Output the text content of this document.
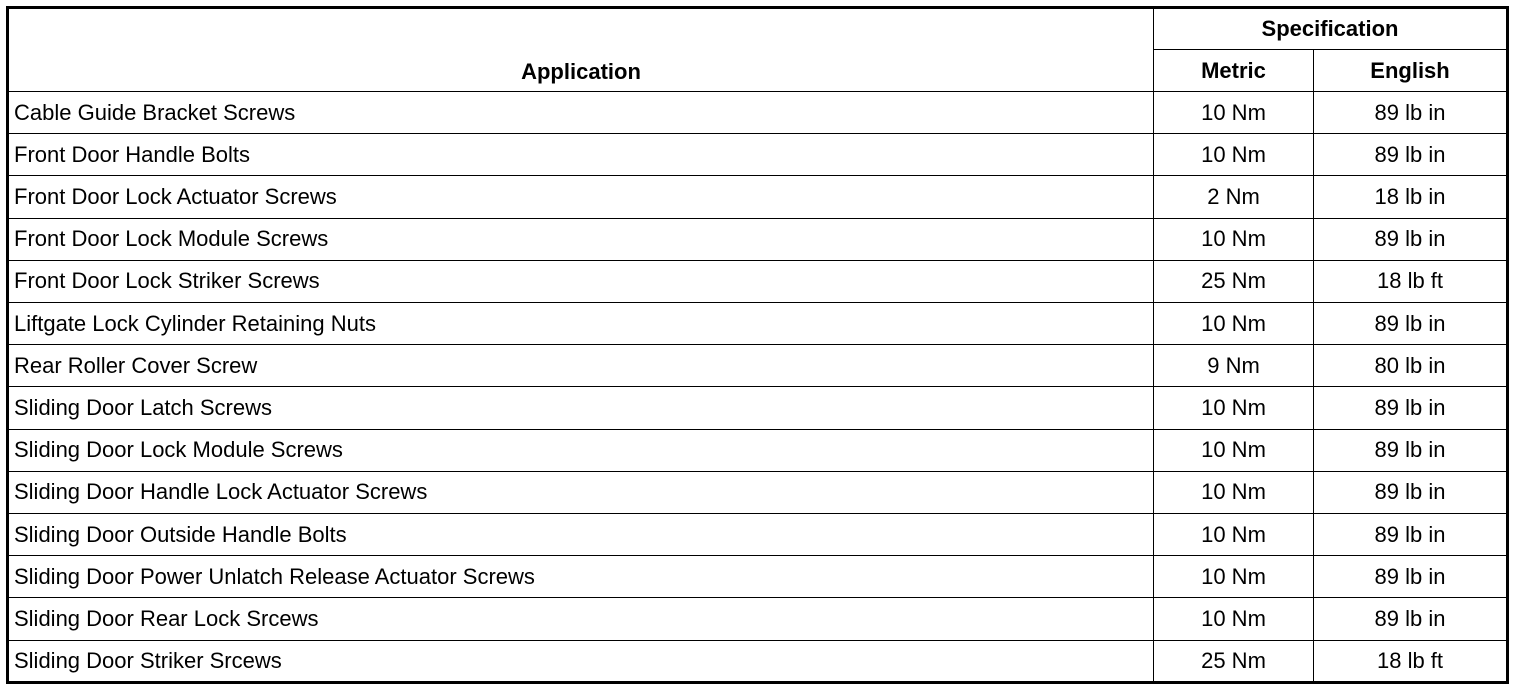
Application	Specification	
	Metric	English
Cable Guide Bracket Screws	10 Nm	89 lb in
Front Door Handle Bolts	10 Nm	89 lb in
Front Door Lock Actuator Screws	2 Nm	18 lb in
Front Door Lock Module Screws	10 Nm	89 lb in
Front Door Lock Striker Screws	25 Nm	18 lb ft
Liftgate Lock Cylinder Retaining Nuts	10 Nm	89 lb in
Rear Roller Cover Screw	9 Nm	80 lb in
Sliding Door Latch Screws	10 Nm	89 lb in
Sliding Door Lock Module Screws	10 Nm	89 lb in
Sliding Door Handle Lock Actuator Screws	10 Nm	89 lb in
Sliding Door Outside Handle Bolts	10 Nm	89 lb in
Sliding Door Power Unlatch Release Actuator Screws	10 Nm	89 lb in
Sliding Door Rear Lock Srcews	10 Nm	89 lb in
Sliding Door Striker Srcews	25 Nm	18 lb ft
